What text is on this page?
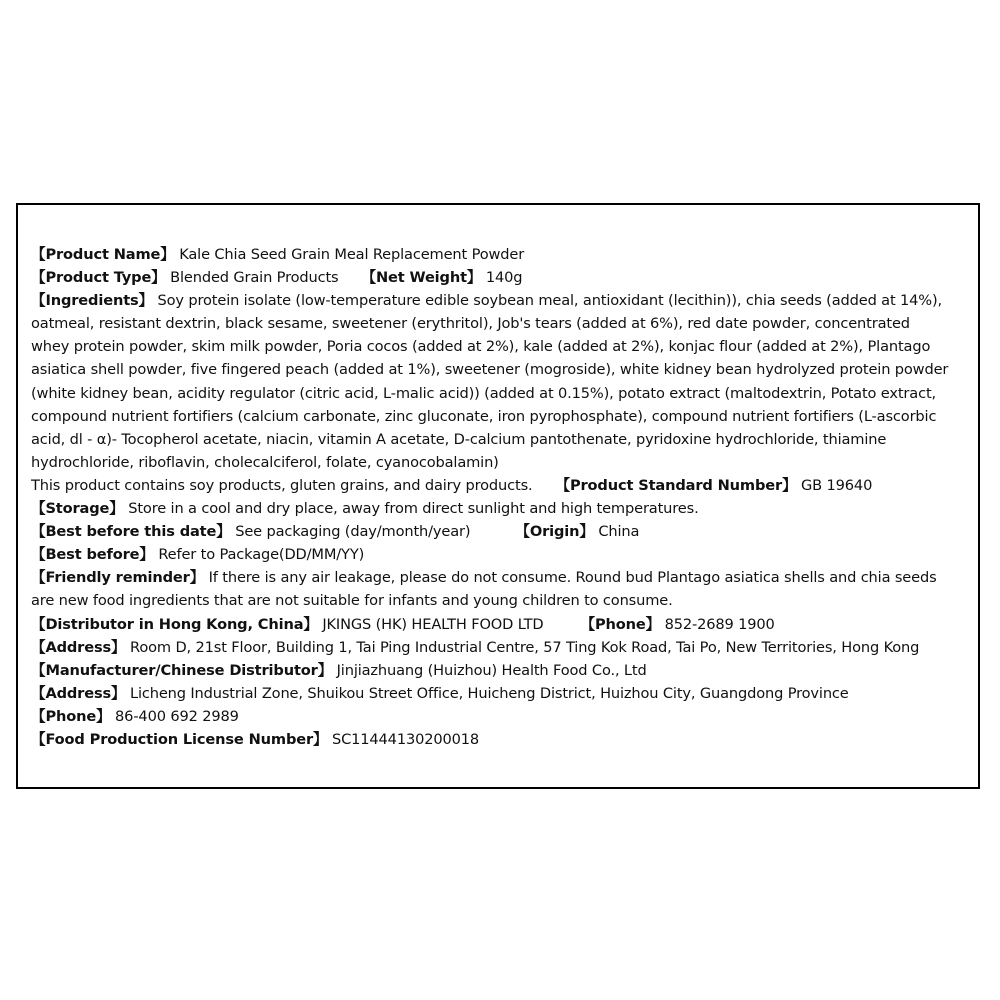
【Product Name】 Kale Chia Seed Grain Meal Replacement Powder
【Product Type】 Blended Grain Products 【Net Weight】 140g
【Ingredients】 Soy protein isolate (low-temperature edible soybean meal, antioxidant (lecithin)), chia seeds (added at 14%),
oatmeal, resistant dextrin, black sesame, sweetener (erythritol), Job's tears (added at 6%), red date powder, concentrated
whey protein powder, skim milk powder, Poria cocos (added at 2%), kale (added at 2%), konjac flour (added at 2%), Plantago
asiatica shell powder, five fingered peach (added at 1%), sweetener (mogroside), white kidney bean hydrolyzed protein powder
(white kidney bean, acidity regulator (citric acid, L-malic acid)) (added at 0.15%), potato extract (maltodextrin, Potato extract,
compound nutrient fortifiers (calcium carbonate, zinc gluconate, iron pyrophosphate), compound nutrient fortifiers (L-ascorbic
acid, dl - α)- Tocopherol acetate, niacin, vitamin A acetate, D-calcium pantothenate, pyridoxine hydrochloride, thiamine
hydrochloride, riboflavin, cholecalciferol, folate, cyanocobalamin)
This product contains soy products, gluten grains, and dairy products. 【Product Standard Number】 GB 19640
【Storage】 Store in a cool and dry place, away from direct sunlight and high temperatures.
【Best before this date】 See packaging (day/month/year)	【Origin】 China
【Best before】 Refer to Package(DD/MM/YY)
【Friendly reminder】 If there is any air leakage, please do not consume. Round bud Plantago asiatica shells and chia seeds
are new food ingredients that are not suitable for infants and young children to consume.
【Distributor in Hong Kong, China】 JKINGS (HK) HEALTH FOOD LTD	【Phone】 852-2689 1900
【Address】 Room D, 21st Floor, Building 1, Tai Ping Industrial Centre, 57 Ting Kok Road, Tai Po, New Territories, Hong Kong
【Manufacturer/Chinese Distributor】 Jinjiazhuang (Huizhou) Health Food Co., Ltd
【Address】 Licheng Industrial Zone, Shuikou Street Office, Huicheng District, Huizhou City, Guangdong Province
【Phone】 86-400 692 2989
【Food Production License Number】 SC11444130200018
